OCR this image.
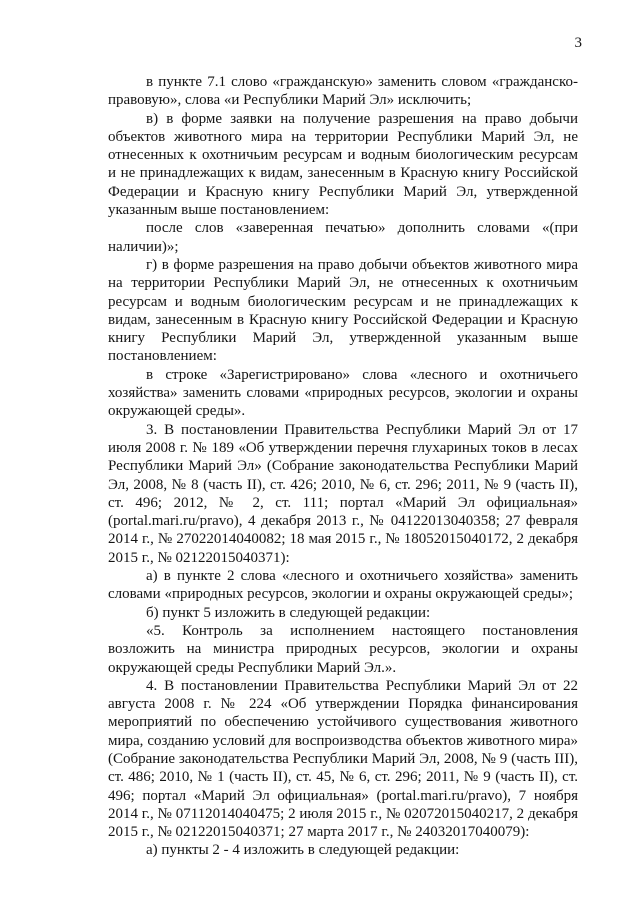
3

в пункте 7.1 слово «гражданскую» заменить словом «гражданско-правовую», слова «и Республики Марий Эл» исключить;

в) в форме заявки на получение разрешения на право добычи объектов животного мира на территории Республики Марий Эл, не отнесенных к охотничьим ресурсам и водным биологическим ресурсам и не принадлежащих к видам, занесенным в Красную книгу Российской Федерации и Красную книгу Республики Марий Эл, утвержденной указанным выше постановлением:

после слов «заверенная печатью» дополнить словами «(при наличии)»;

г) в форме разрешения на право добычи объектов животного мира на территории Республики Марий Эл, не отнесенных к охотничьим ресурсам и водным биологическим ресурсам и не принадлежащих к видам, занесенным в Красную книгу Российской Федерации и Красную книгу Республики Марий Эл, утвержденной указанным выше постановлением:

в строке «Зарегистрировано» слова «лесного и охотничьего хозяйства» заменить словами «природных ресурсов, экологии и охраны окружающей среды».

3. В постановлении Правительства Республики Марий Эл от 17 июля 2008 г. № 189 «Об утверждении перечня глухариных токов в лесах Республики Марий Эл» (Собрание законодательства Республики Марий Эл, 2008, № 8 (часть II), ст. 426; 2010, № 6, ст. 296; 2011, № 9 (часть II), ст. 496; 2012, № 2, ст. 111; портал «Марий Эл официальная» (portal.mari.ru/pravo), 4 декабря 2013 г., № 04122013040358; 27 февраля 2014 г., № 27022014040082; 18 мая 2015 г., № 18052015040172, 2 декабря 2015 г., № 02122015040371):

а) в пункте 2 слова «лесного и охотничьего хозяйства» заменить словами «природных ресурсов, экологии и охраны окружающей среды»;

б) пункт 5 изложить в следующей редакции:

«5. Контроль за исполнением настоящего постановления возложить на министра природных ресурсов, экологии и охраны окружающей среды Республики Марий Эл.».

4. В постановлении Правительства Республики Марий Эл от 22 августа 2008 г. № 224 «Об утверждении Порядка финансирования мероприятий по обеспечению устойчивого существования животного мира, созданию условий для воспроизводства объектов животного мира» (Собрание законодательства Республики Марий Эл, 2008, № 9 (часть III), ст. 486; 2010, № 1 (часть II), ст. 45, № 6, ст. 296; 2011, № 9 (часть II), ст. 496; портал «Марий Эл официальная» (portal.mari.ru/pravo), 7 ноября 2014 г., № 07112014040475; 2 июля 2015 г., № 02072015040217, 2 декабря 2015 г., № 02122015040371; 27 марта 2017 г., № 24032017040079):

а) пункты 2 - 4 изложить в следующей редакции:
